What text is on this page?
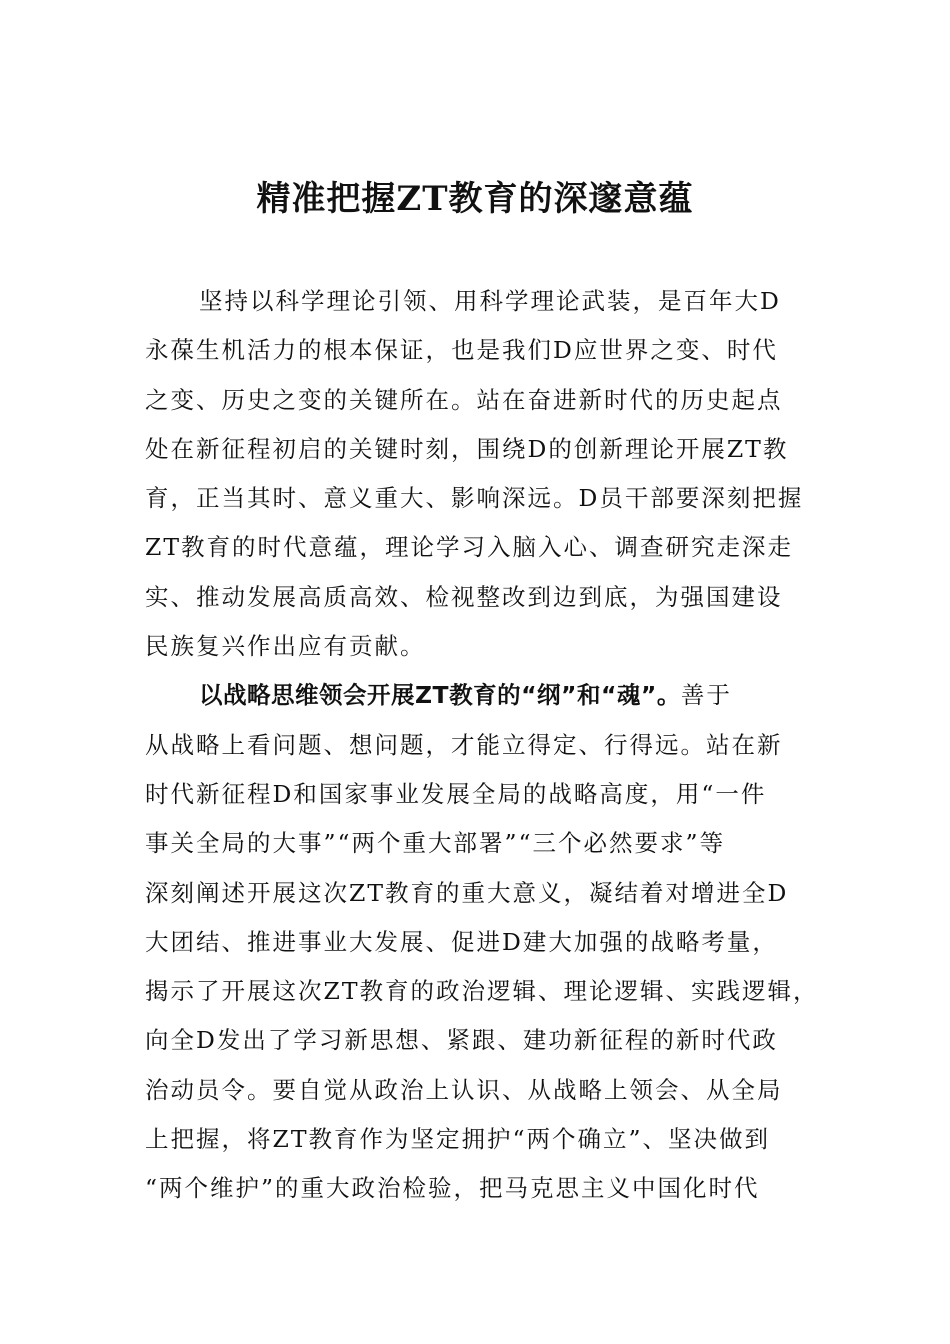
精准把握ZT教育的深邃意蕴
坚持以科学理论引领、用科学理论武装，是百年大D
永葆生机活力的根本保证，也是我们D应世界之变、时代
之变、历史之变的关键所在。站在奋进新时代的历史起点
处在新征程初启的关键时刻，围绕D的创新理论开展ZT教
育，正当其时、意义重大、影响深远。D员干部要深刻把握
ZT教育的时代意蕴，理论学习入脑入心、调查研究走深走
实、推动发展高质高效、检视整改到边到底，为强国建设
民族复兴作出应有贡献。
以战略思维领会开展ZT教育的“纲”和“魂”。善于
从战略上看问题、想问题，才能立得定、行得远。站在新
时代新征程D和国家事业发展全局的战略高度，用“一件
事关全局的大事”“两个重大部署”“三个必然要求”等
深刻阐述开展这次ZT教育的重大意义，凝结着对增进全D
大团结、推进事业大发展、促进D建大加强的战略考量，
揭示了开展这次ZT教育的政治逻辑、理论逻辑、实践逻辑，
向全D发出了学习新思想、紧跟、建功新征程的新时代政
治动员令。要自觉从政治上认识、从战略上领会、从全局
上把握，将ZT教育作为坚定拥护“两个确立”、坚决做到
“两个维护”的重大政治检验，把马克思主义中国化时代
